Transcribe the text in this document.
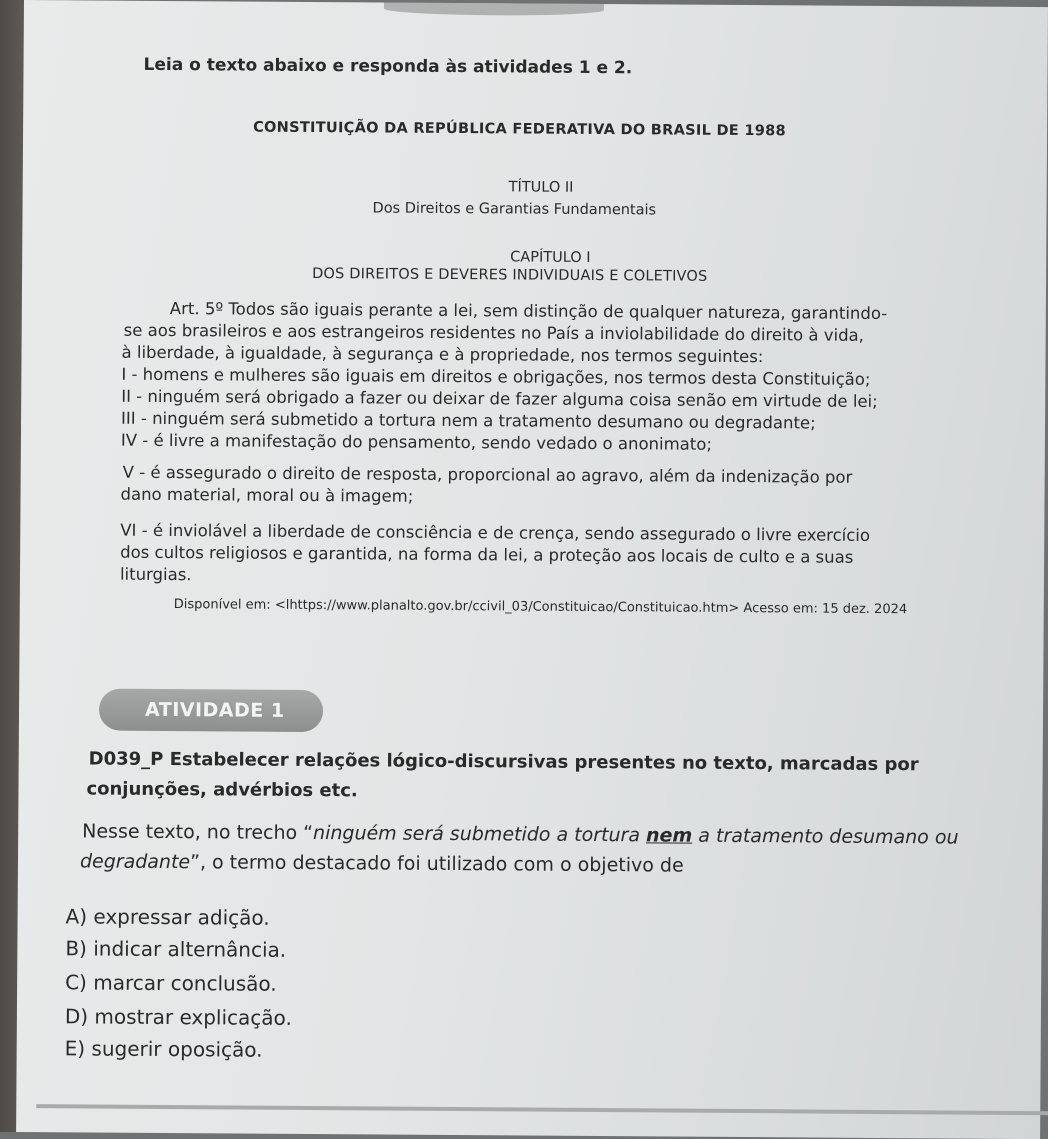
Leia o texto abaixo e responda às atividades 1 e 2.
CONSTITUIÇÃO DA REPÚBLICA FEDERATIVA DO BRASIL DE 1988
TÍTULO II
Dos Direitos e Garantias Fundamentais
CAPÍTULO I
DOS DIREITOS E DEVERES INDIVIDUAIS E COLETIVOS
Art. 5º Todos são iguais perante a lei, sem distinção de qualquer natureza, garantindo-
se aos brasileiros e aos estrangeiros residentes no País a inviolabilidade do direito à vida,
à liberdade, à igualdade, à segurança e à propriedade, nos termos seguintes:
I - homens e mulheres são iguais em direitos e obrigações, nos termos desta Constituição;
II - ninguém será obrigado a fazer ou deixar de fazer alguma coisa senão em virtude de lei;
III - ninguém será submetido a tortura nem a tratamento desumano ou degradante;
IV - é livre a manifestação do pensamento, sendo vedado o anonimato;
V - é assegurado o direito de resposta, proporcional ao agravo, além da indenização por
dano material, moral ou à imagem;
VI - é inviolável a liberdade de consciência e de crença, sendo assegurado o livre exercício
dos cultos religiosos e garantida, na forma da lei, a proteção aos locais de culto e a suas
liturgias.
Disponível em: <lhttps://www.planalto.gov.br/ccivil_03/Constituicao/Constituicao.htm> Acesso em: 15 dez. 2024
ATIVIDADE 1
D039_P Estabelecer relações lógico-discursivas presentes no texto, marcadas por
conjunções, advérbios etc.
Nesse texto, no trecho “ninguém será submetido a tortura nem a tratamento desumano ou
degradante”, o termo destacado foi utilizado com o objetivo de
A) expressar adição.
B) indicar alternância.
C) marcar conclusão.
D) mostrar explicação.
E) sugerir oposição.
